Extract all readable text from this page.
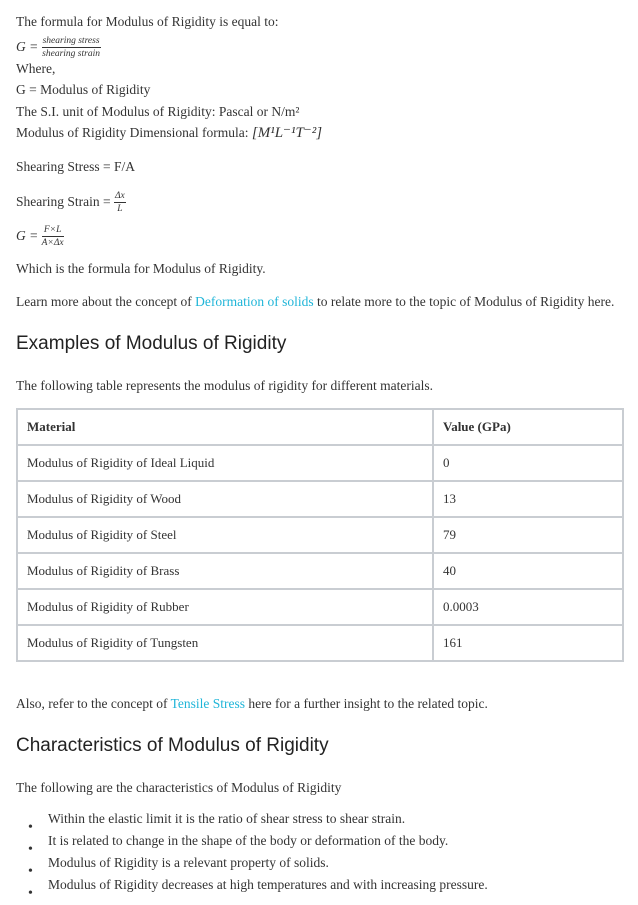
The formula for Modulus of Rigidity is equal to:
$G = \frac{\text{shearing stress}}{\text{shearing strain}}$
Where,
G = Modulus of Rigidity
The S.I. unit of Modulus of Rigidity: Pascal or N/m²
Modulus of Rigidity Dimensional formula: [M¹L⁻¹T⁻²]
Shearing Stress = F/A
Shearing Strain = $\frac{\Delta x}{L}$
$G = \frac{F\times L}{A\times\Delta x}$
Which is the formula for Modulus of Rigidity.
Learn more about the concept of Deformation of solids to relate more to the topic of Modulus of Rigidity here.
Examples of Modulus of Rigidity
The following table represents the modulus of rigidity for different materials.
Material	Value (GPa)
Modulus of Rigidity of Ideal Liquid	0
Modulus of Rigidity of Wood	13
Modulus of Rigidity of Steel	79
Modulus of Rigidity of Brass	40
Modulus of Rigidity of Rubber	0.0003
Modulus of Rigidity of Tungsten	161
Also, refer to the concept of Tensile Stress here for a further insight to the related topic.
Characteristics of Modulus of Rigidity
The following are the characteristics of Modulus of Rigidity
•
Within the elastic limit it is the ratio of shear stress to shear strain.
•
It is related to change in the shape of the body or deformation of the body.
•
Modulus of Rigidity is a relevant property of solids.
•
Modulus of Rigidity decreases at high temperatures and with increasing pressure.
